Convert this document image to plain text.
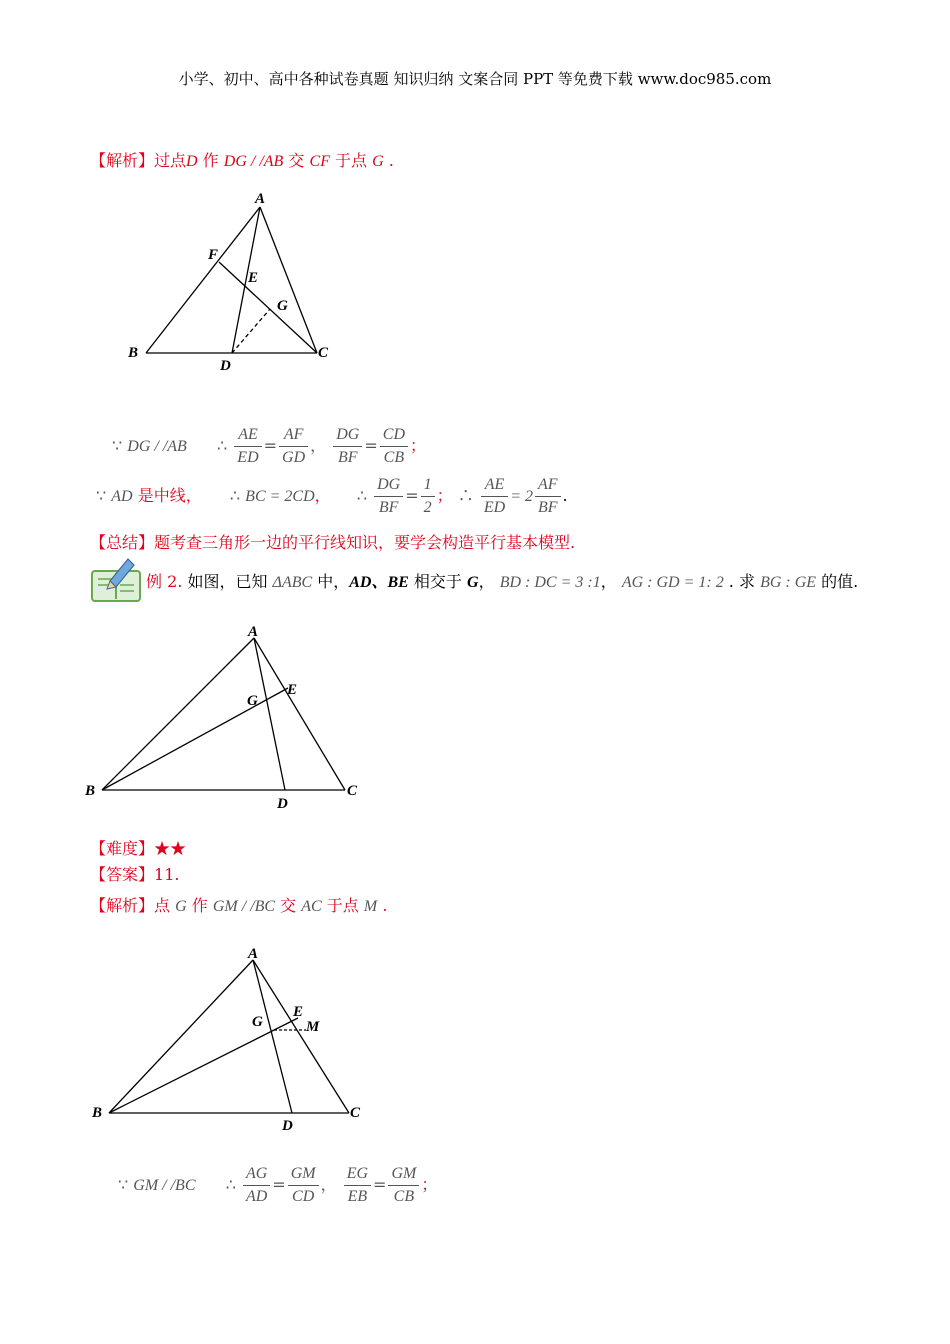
小学、初中、高中各种试卷真题 知识归纳 文案合同 PPT 等免费下载 www.doc985.com
【解析】过点D 作 DG / /AB 交 CF 于点 G .
A
B	C
D
E
F
G
∵ DG / /AB ∴ $\frac{AE}{ED} = \frac{AF}{GD}$ ， $\frac{DG}{BF} = \frac{CD}{CB}$ ；
∵ AD 是中线， ∴ BC = 2CD， ∴ $\frac{DG}{BF} = \frac{1}{2}$ ； ∴ $\frac{AE}{ED} = 2 \frac{AF}{BF}$ .
【总结】题考查三角形一边的平行线知识，要学会构造平行基本模型.
例 2. 如图，已知 ΔABC 中，AD、BE 相交于 G， BD : DC = 3 :1， AG : GD = 1: 2 . 求 BG : GE 的值.
A
B	C
D
E
G
【难度】★★
【答案】11.
【解析】点 G 作 GM / /BC 交 AC 于点 M .
A
B	C
D
E
G	M
∵ GM / /BC ∴ $\frac{AG}{AD} = \frac{GM}{CD}$ ， $\frac{EG}{EB} = \frac{GM}{CB}$ ；
